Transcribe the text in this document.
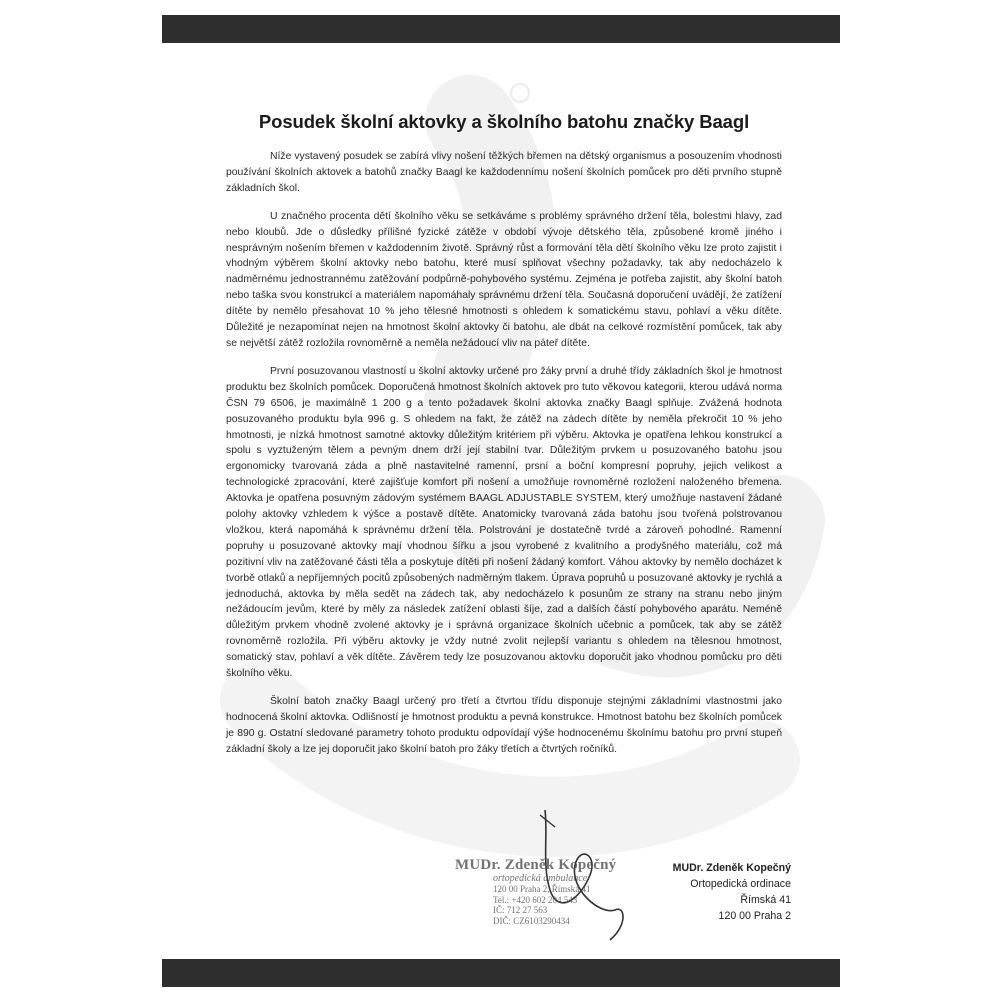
Posudek školní aktovky a školního batohu značky Baagl

Níže vystavený posudek se zabírá vlivy nošení těžkých břemen na dětský organismus a posouzením vhodnosti používání školních aktovek a batohů značky Baagl ke každodennímu nošení školních pomůcek pro děti prvního stupně základních škol.

U značného procenta dětí školního věku se setkáváme s problémy správného držení těla, bolestmi hlavy, zad nebo kloubů. Jde o důsledky přílišné fyzické zátěže v období vývoje dětského těla, způsobené kromě jiného i nesprávným nošením břemen v každodenním životě. Správný růst a formování těla dětí školního věku lze proto zajistit i vhodným výběrem školní aktovky nebo batohu, které musí splňovat všechny požadavky, tak aby nedocházelo k nadměrnému jednostrannému zatěžování podpůrně-pohybového systému. Zejména je potřeba zajistit, aby školní batoh nebo taška svou konstrukcí a materiálem napomáhaly správnému držení těla. Současná doporučení uvádějí, že zatížení dítěte by nemělo přesahovat 10 % jeho tělesné hmotnosti s ohledem k somatickému stavu, pohlaví a věku dítěte. Důležité je nezapomínat nejen na hmotnost školní aktovky či batohu, ale dbát na celkové rozmístění pomůcek, tak aby se největší zátěž rozložila rovnoměrně a neměla nežádoucí vliv na páteř dítěte.

První posuzovanou vlastností u školní aktovky určené pro žáky první a druhé třídy základních škol je hmotnost produktu bez školních pomůcek. Doporučená hmotnost školních aktovek pro tuto věkovou kategorii, kterou udává norma ČSN 79 6506, je maximálně 1 200 g a tento požadavek školní aktovka značky Baagl splňuje. Zvážená hodnota posuzovaného produktu byla 996 g. S ohledem na fakt, že zátěž na zádech dítěte by neměla překročit 10 % jeho hmotnosti, je nízká hmotnost samotné aktovky důležitým kritériem při výběru. Aktovka je opatřena lehkou konstrukcí a spolu s vyztuženým tělem a pevným dnem drží její stabilní tvar. Důležitým prvkem u posuzovaného batohu jsou ergonomicky tvarovaná záda a plně nastavitelné ramenní, prsní a boční kompresní popruhy, jejich velikost a technologické zpracování, které zajišťuje komfort při nošení a umožňuje rovnoměrné rozložení naloženého břemena. Aktovka je opatřena posuvným zádovým systémem BAAGL ADJUSTABLE SYSTEM, který umožňuje nastavení žádané polohy aktovky vzhledem k výšce a postavě dítěte. Anatomicky tvarovaná záda batohu jsou tvořená polstrovanou vložkou, která napomáhá k správnému držení těla. Polstrování je dostatečně tvrdé a zároveň pohodlné. Ramenní popruhy u posuzované aktovky mají vhodnou šířku a jsou vyrobené z kvalitního a prodyšného materiálu, což má pozitivní vliv na zatěžované části těla a poskytuje dítěti při nošení žádaný komfort. Váhou aktovky by nemělo docházet k tvorbě otlaků a nepříjemných pocitů způsobených nadměrným tlakem. Úprava popruhů u posuzované aktovky je rychlá a jednoduchá, aktovka by měla sedět na zádech tak, aby nedocházelo k posunům ze strany na stranu nebo jiným nežádoucím jevům, které by měly za následek zatížení oblasti šíje, zad a dalších částí pohybového aparátu. Neméně důležitým prvkem vhodně zvolené aktovky je i správná organizace školních učebnic a pomůcek, tak aby se zátěž rovnoměrně rozložila. Při výběru aktovky je vždy nutné zvolit nejlepší variantu s ohledem na tělesnou hmotnost, somatický stav, pohlaví a věk dítěte. Závěrem tedy lze posuzovanou aktovku doporučit jako vhodnou pomůcku pro děti školního věku.

Školní batoh značky Baagl určený pro třetí a čtvrtou třídu disponuje stejnými základními vlastnostmi jako hodnocená školní aktovka. Odlišností je hmotnost produktu a pevná konstrukce. Hmotnost batohu bez školních pomůcek je 890 g. Ostatní sledované parametry tohoto produktu odpovídají výše hodnocenému školnímu batohu pro první stupeň základní školy a lze jej doporučit jako školní batoh pro žáky třetích a čtvrtých ročníků.

MUDr. Zdeněk Kopečný
ortopedická ambulance
120 00 Praha 2, Římská 41
Tel.: +420 602 204 543
IČ: 712 27 563
DIČ: CZ6103290434
MUDr. Zdeněk Kopečný
Ortopedická ordinace
Římská 41
120 00 Praha 2
